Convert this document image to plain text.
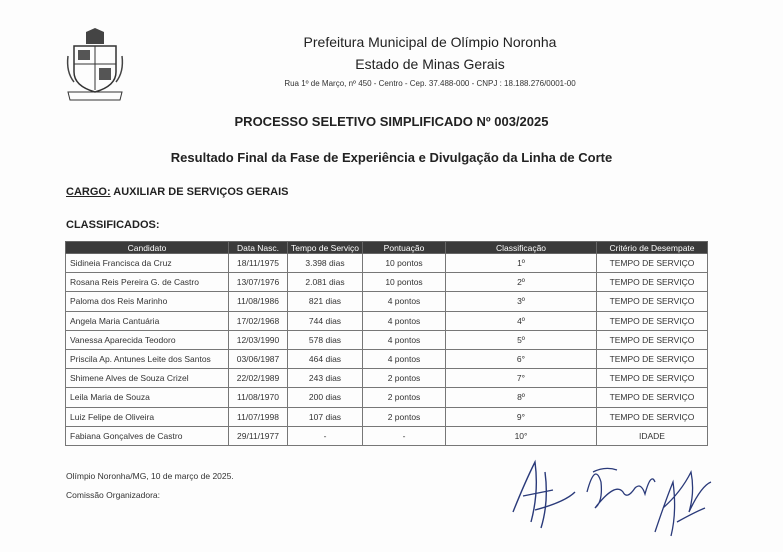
Prefeitura Municipal de Olímpio Noronha
Estado de Minas Gerais
Rua 1º de Março, nº 450 - Centro - Cep. 37.488-000 - CNPJ : 18.188.276/0001-00
PROCESSO SELETIVO SIMPLIFICADO Nº 003/2025
Resultado Final da Fase de Experiência e Divulgação da Linha de Corte
CARGO: AUXILIAR DE SERVIÇOS GERAIS
CLASSIFICADOS:
Candidato	Data Nasc.	Tempo de Serviço	Pontuação	Classificação	Critério de Desempate
Sidineia Francisca da Cruz	18/11/1975	3.398 dias	10 pontos	1º	TEMPO DE SERVIÇO
Rosana Reis Pereira G. de Castro	13/07/1976	2.081 dias	10 pontos	2º	TEMPO DE SERVIÇO
Paloma dos Reis Marinho	11/08/1986	821 dias	4 pontos	3º	TEMPO DE SERVIÇO
Angela Maria Cantuária	17/02/1968	744 dias	4 pontos	4º	TEMPO DE SERVIÇO
Vanessa Aparecida Teodoro	12/03/1990	578 dias	4 pontos	5º	TEMPO DE SERVIÇO
Priscila Ap. Antunes Leite dos Santos	03/06/1987	464 dias	4 pontos	6°	TEMPO DE SERVIÇO
Shimene Alves de Souza Crizel	22/02/1989	243 dias	2 pontos	7°	TEMPO DE SERVIÇO
Leila Maria de Souza	11/08/1970	200 dias	2 pontos	8º	TEMPO DE SERVIÇO
Luiz Felipe de Oliveira	11/07/1998	107 dias	2 pontos	9°	TEMPO DE SERVIÇO
Fabiana Gonçalves de Castro	29/11/1977	-	-	10°	IDADE
Olímpio Noronha/MG, 10 de março de 2025.
Comissão Organizadora:
